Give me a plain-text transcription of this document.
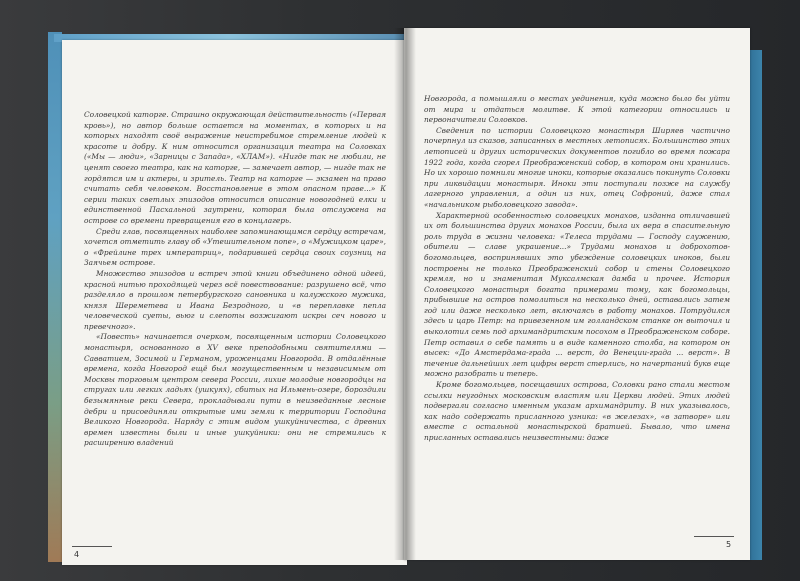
Соловецкой каторге. Страшно окружающая действительность («Первая кровь»), но автор больше остается на моментах, в которых и на которых находят своё выражение неистребимое стремление людей к красоте и добру. К ним относится организация театра на Соловках («Мы — люди», «Зарницы с Запада», «ХЛАМ»). «Нигде так не любили, не ценят своего театра, как на каторге, — замечает автор, — нигде так не гордятся им и актеры, и зритель. Театр на каторге — экзамен на право считать себя человеком. Восстановление в этом опасном праве...» К серии таких светлых эпизодов относится описание новогодней елки и единственной Пасхальной заутрени, которая была отслужена на острове со времени превращения его в концлагерь.

Среди глав, посвященных наиболее запоминающимся сердцу встречам, хочется отметить главу об «Утешительном попе», о «Мужицком царе», о «Фрейлине трех императриц», подарившей сердца своих соузниц на Заячьем острове.

Множество эпизодов и встреч этой книги объединено одной идеей, красной нитью проходящей через всё повествование: разрушено всё, что разделяло в прошлом петербургского сановника и калужского мужика, князя Шереметева и Ивана Безродного, и «в переплавке пепла человеческой суеты, вьюг и слепоты возжигают искры сеч нового и превечного».

«Повесть» начинается очерком, посвященным истории Соловецкого монастыря, основанного в XV веке преподобными святителями — Савватием, Зосимой и Германом, уроженцами Новгорода. В отдалённые времена, когда Новгород ещё был могущественным и независимым от Москвы торговым центром севера России, лихие молодые новгородцы на стругах или легких ладьях (ушкуях), сбитых на Ильмень-озере, бороздили безымянные реки Севера, прокладывали пути в неизведанные лесные дебри и присоединяли открытые ими земли к территории Господина Великого Новгорода. Наряду с этим видом ушкуйничества, с древних времен известны были и иные ушкуйники: они не стремились к расширению владений

4

Новгорода, а помышляли о местах уединения, куда можно было бы уйти от мира и отдаться молитве. К этой категории относились и первоначители Соловков.

Сведения по истории Соловецкого монастыря Ширяев частично почерпнул из сказов, записанных в местных летописях. Большинство этих летописей и других исторических документов погибло во время пожара 1922 года, когда сгорел Преображенский собор, в котором они хранились. Но их хорошо помнили многие иноки, которые оказались покинуть Соловки при ликвидации монастыря. Иноки эти поступали позже на службу лагерного управления, а один из них, отец Софроний, даже стал «начальником рыболовецкого завода».

Характерной особенностью соловецких монахов, изданна отличавшей их от большинства других монахов России, была их вера в спасительную роль труда в жизни человека: «Телеса трудами — Господу служению, обители — славе украшение...» Трудами монахов и доброхотов-богомольцев, воспринявших это убеждение соловецких иноков, были построены не только Преображенский собор и стены Соловецкого кремля, но и знаменитая Муксалмская дамба и прочее. История Соловецкого монастыря богата примерами тому, как богомольцы, прибывшие на остров помолиться на несколько дней, оставались затем год или даже несколько лет, включаясь в работу монахов. Потрудился здесь и царь Петр: на привезенном им голландском станке он выточил и выколотил семь под архимандритским посохом в Преображенском соборе. Петр оставил о себе память и в виде каменного столба, на котором он высек: «До Амстердама-града ... верст, до Венеции-града ... верст». В течение дальнейших лет цифры верст стерлись, но начертаний букв еще можно разобрать и теперь.

Кроме богомольцев, посещавших острова, Соловки рано стали местом ссылки неугодных московским властям или Церкви людей. Этих людей подвергали согласно именным указам архимандриту. В них указывалось, как надо содержать присланного узника: «в железах», «в затворе» или вместе с остальной монастырской братией. Бывало, что имена присланных оставались неизвестными: даже

5
